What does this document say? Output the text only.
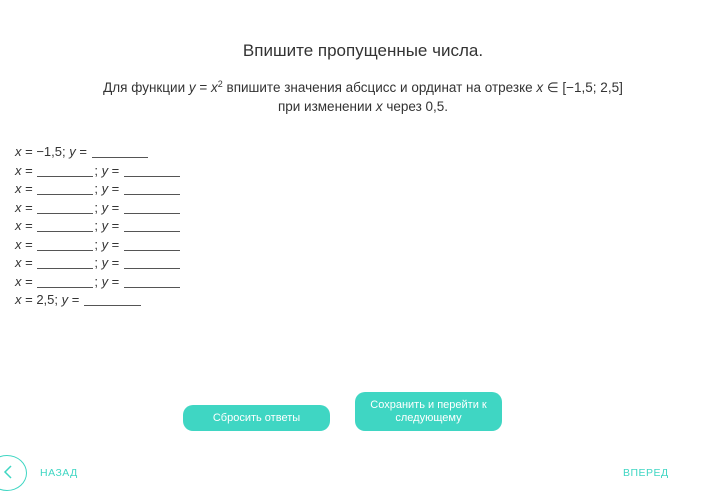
Впишите пропущенные числа.
Для функции $y = x^2$ впишите значения абсцисс и ординат на отрезке x ∈ [−1,5; 2,5]
при изменении x через 0,5.
x = −1,5; y =
x =	; y =
x =	; y =
x =	; y =
x =	; y =
x =	; y =
x =	; y =
x =	; y =
x = 2,5; y =
Сбросить ответы
Сохранить и перейти к следующему
НАЗАД	ВПЕРЕД
